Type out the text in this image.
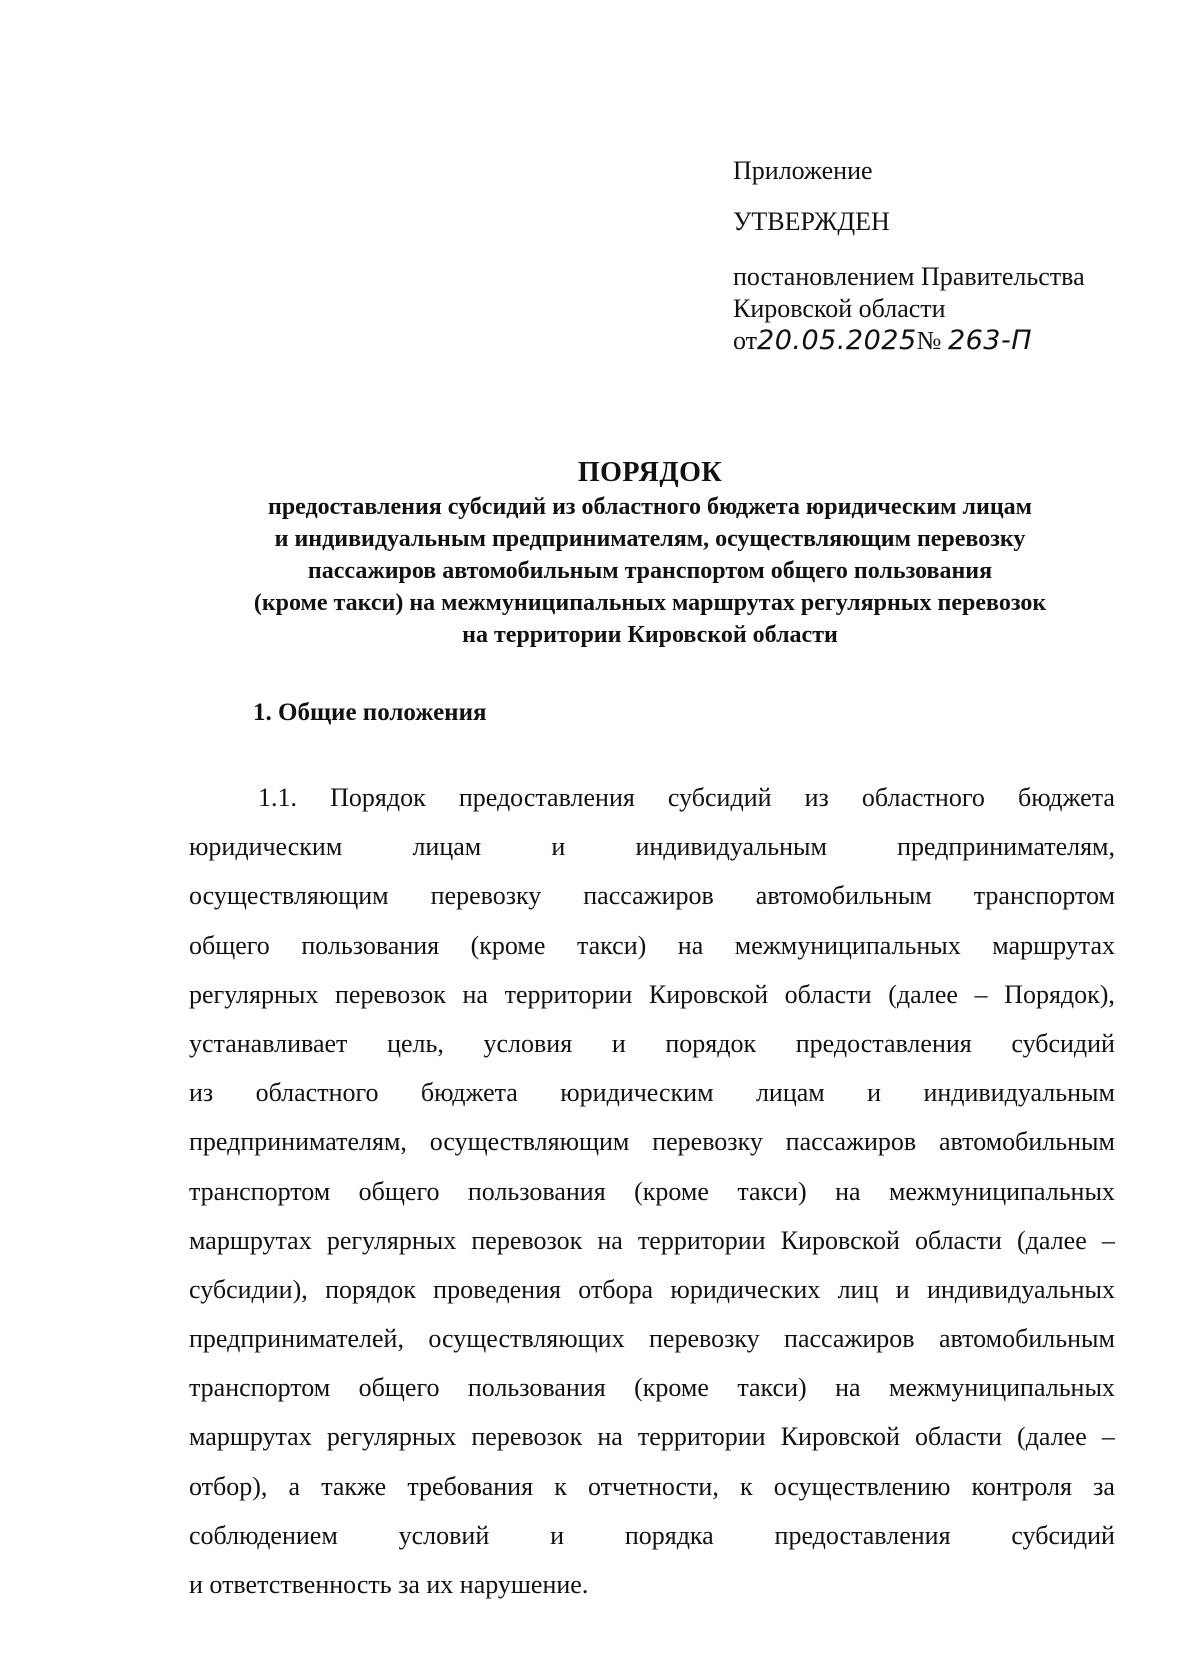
Приложение
УТВЕРЖДЕН
постановлением Правительства
Кировской области
от20.05.2025№ 263-П
ПОРЯДОК
предоставления субсидий из областного бюджета юридическим лицам
и индивидуальным предпринимателям, осуществляющим перевозку
пассажиров автомобильным транспортом общего пользования
(кроме такси) на межмуниципальных маршрутах регулярных перевозок
на территории Кировской области
1. Общие положения
1.1. Порядок предоставления субсидий из областного бюджета
юридическим	лицам	и	индивидуальным	предпринимателям,
осуществляющим перевозку пассажиров автомобильным транспортом
общего пользования (кроме такси) на межмуниципальных маршрутах
регулярных перевозок на территории Кировской области (далее – Порядок),
устанавливает цель, условия и порядок предоставления субсидий
из областного бюджета юридическим лицам и индивидуальным
предпринимателям, осуществляющим перевозку пассажиров автомобильным
транспортом общего пользования (кроме такси) на межмуниципальных
маршрутах регулярных перевозок на территории Кировской области (далее –
субсидии), порядок проведения отбора юридических лиц и индивидуальных
предпринимателей, осуществляющих перевозку пассажиров автомобильным
транспортом общего пользования (кроме такси) на межмуниципальных
маршрутах регулярных перевозок на территории Кировской области (далее –
отбор), а также требования к отчетности, к осуществлению контроля за
соблюдением условий и порядка предоставления субсидий
и ответственность за их нарушение.
